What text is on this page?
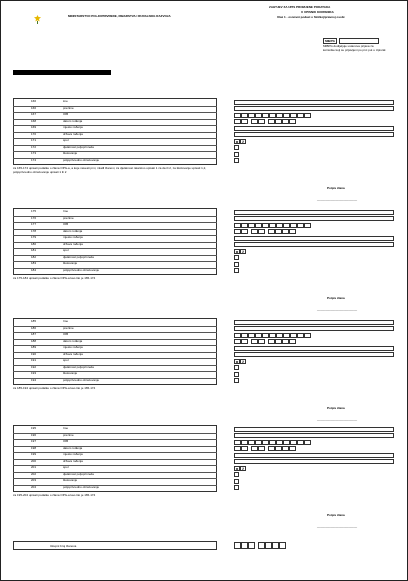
MINISTARSTVO POLJOPRIVREDE, RIBARSTVA I RURALNOG RAZVOJA
ZAHTJEV ZA UPIS PROMJENE PODATAKA
U UPISNIK KORISNIKA
Ulaz 1 - osnovni podaci o fizičkoj/pravnoj osobi
MIBPG
MIBPG dodijeljuje ustanova prijava za
korisnike koji su prijavljeni po prvi put u Upisnik
PODACI O ČLANOVIMA OBITELJSKOG GOSPODARSTVA
166	ime
166	prezime
167	OIB
168	datum rođenja
169	mjesto rođenja
170	država rođenja
171	spol	M	Ž
172	djelatnost poljoprivreda
173	školovanje
174	poljoprivredno obrazovanje
za 165-174 upisati podatke o člana OPG-a, a koje navesti prvi, mlađi članovi, za djelatnost ratarstvo upisati 1 za da ili 2, za školovanje upisati 1,2,
poljoprivredno obrazovanje upisati 1 ili 2
Potpis člana
________________________
175	Ime
176	prezime
177	OIB
178	datum rođenja
179	mjesto rođenja
180	država rođenja
181	spol	M	Ž
182	djelatnost poljoprivreda
183	školovanje
184	poljoprivredno obrazovanje
za 175-184 upisati podatke o člana OPG-a kao što je 165-174
Potpis člana
________________________
185	Ime
186	prezime
187	OIB
188	datum rođenja
189	mjesto rođenja
190	država rođenja
191	spol	M	Ž
192	djelatnost poljoprivreda
193	školovanje
194	poljoprivredno obrazovanje
za 185-194 upisati podatke o člana OPG-a kao što je 165-174
Potpis člana
________________________
195	Ime
196	prezime
197	OIB
198	datum rođenja
199	mjesto rođenja
200	država rođenja
201	spol	M	Ž
202	djelatnost poljoprivreda
203	školovanje
204	poljoprivredno obrazovanje
za 195-204 upisati podatke o člana OPG-a kao što je 165-174
Potpis člana
________________________
Ukupni broj članova
